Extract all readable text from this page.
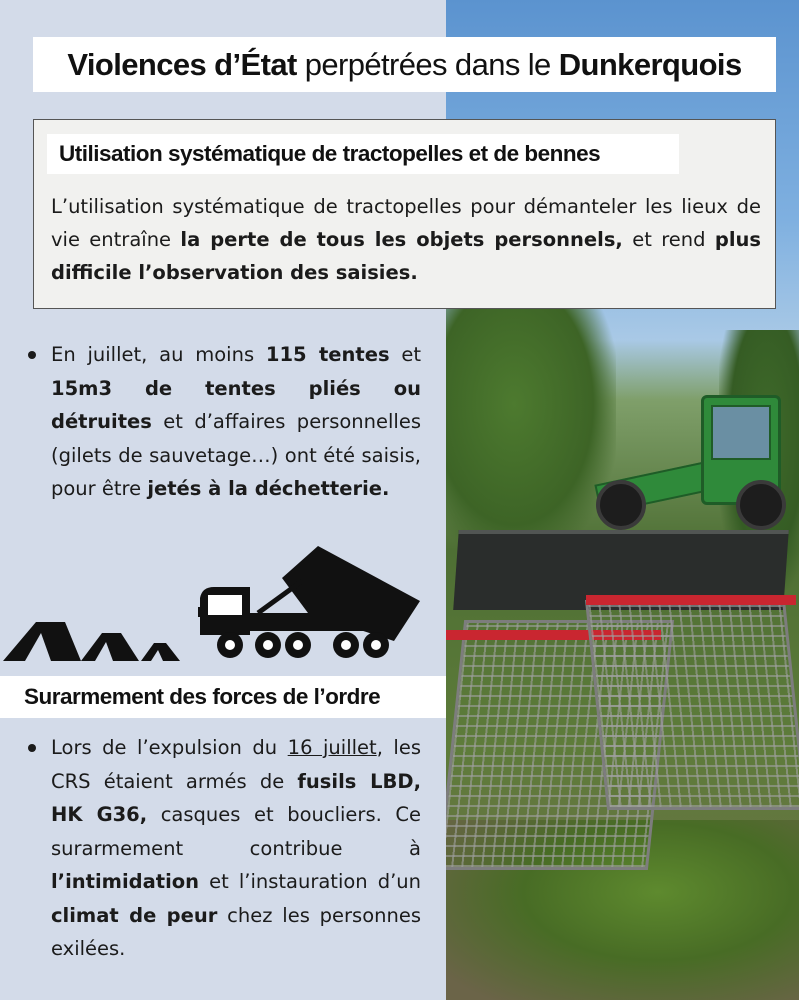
Violences d’État perpétrées dans le Dunkerquois
Utilisation systématique de tractopelles et de bennes
L’utilisation systématique de tractopelles pour démanteler les lieux de vie entraîne la perte de tous les objets personnels, et rend plus difficile l’observation des saisies.
En juillet, au moins 115 tentes et 15m3 de tentes pliés ou détruites et d’affaires personnelles (gilets de sauvetage…) ont été saisis, pour être jetés à la déchetterie.
Surarmement des forces de l’ordre
Lors de l’expulsion du 16 juillet, les CRS étaient armés de fusils LBD, HK G36, casques et boucliers. Ce surarmement contribue à l’intimidation et l’instauration d’un climat de peur chez les personnes exilées.
